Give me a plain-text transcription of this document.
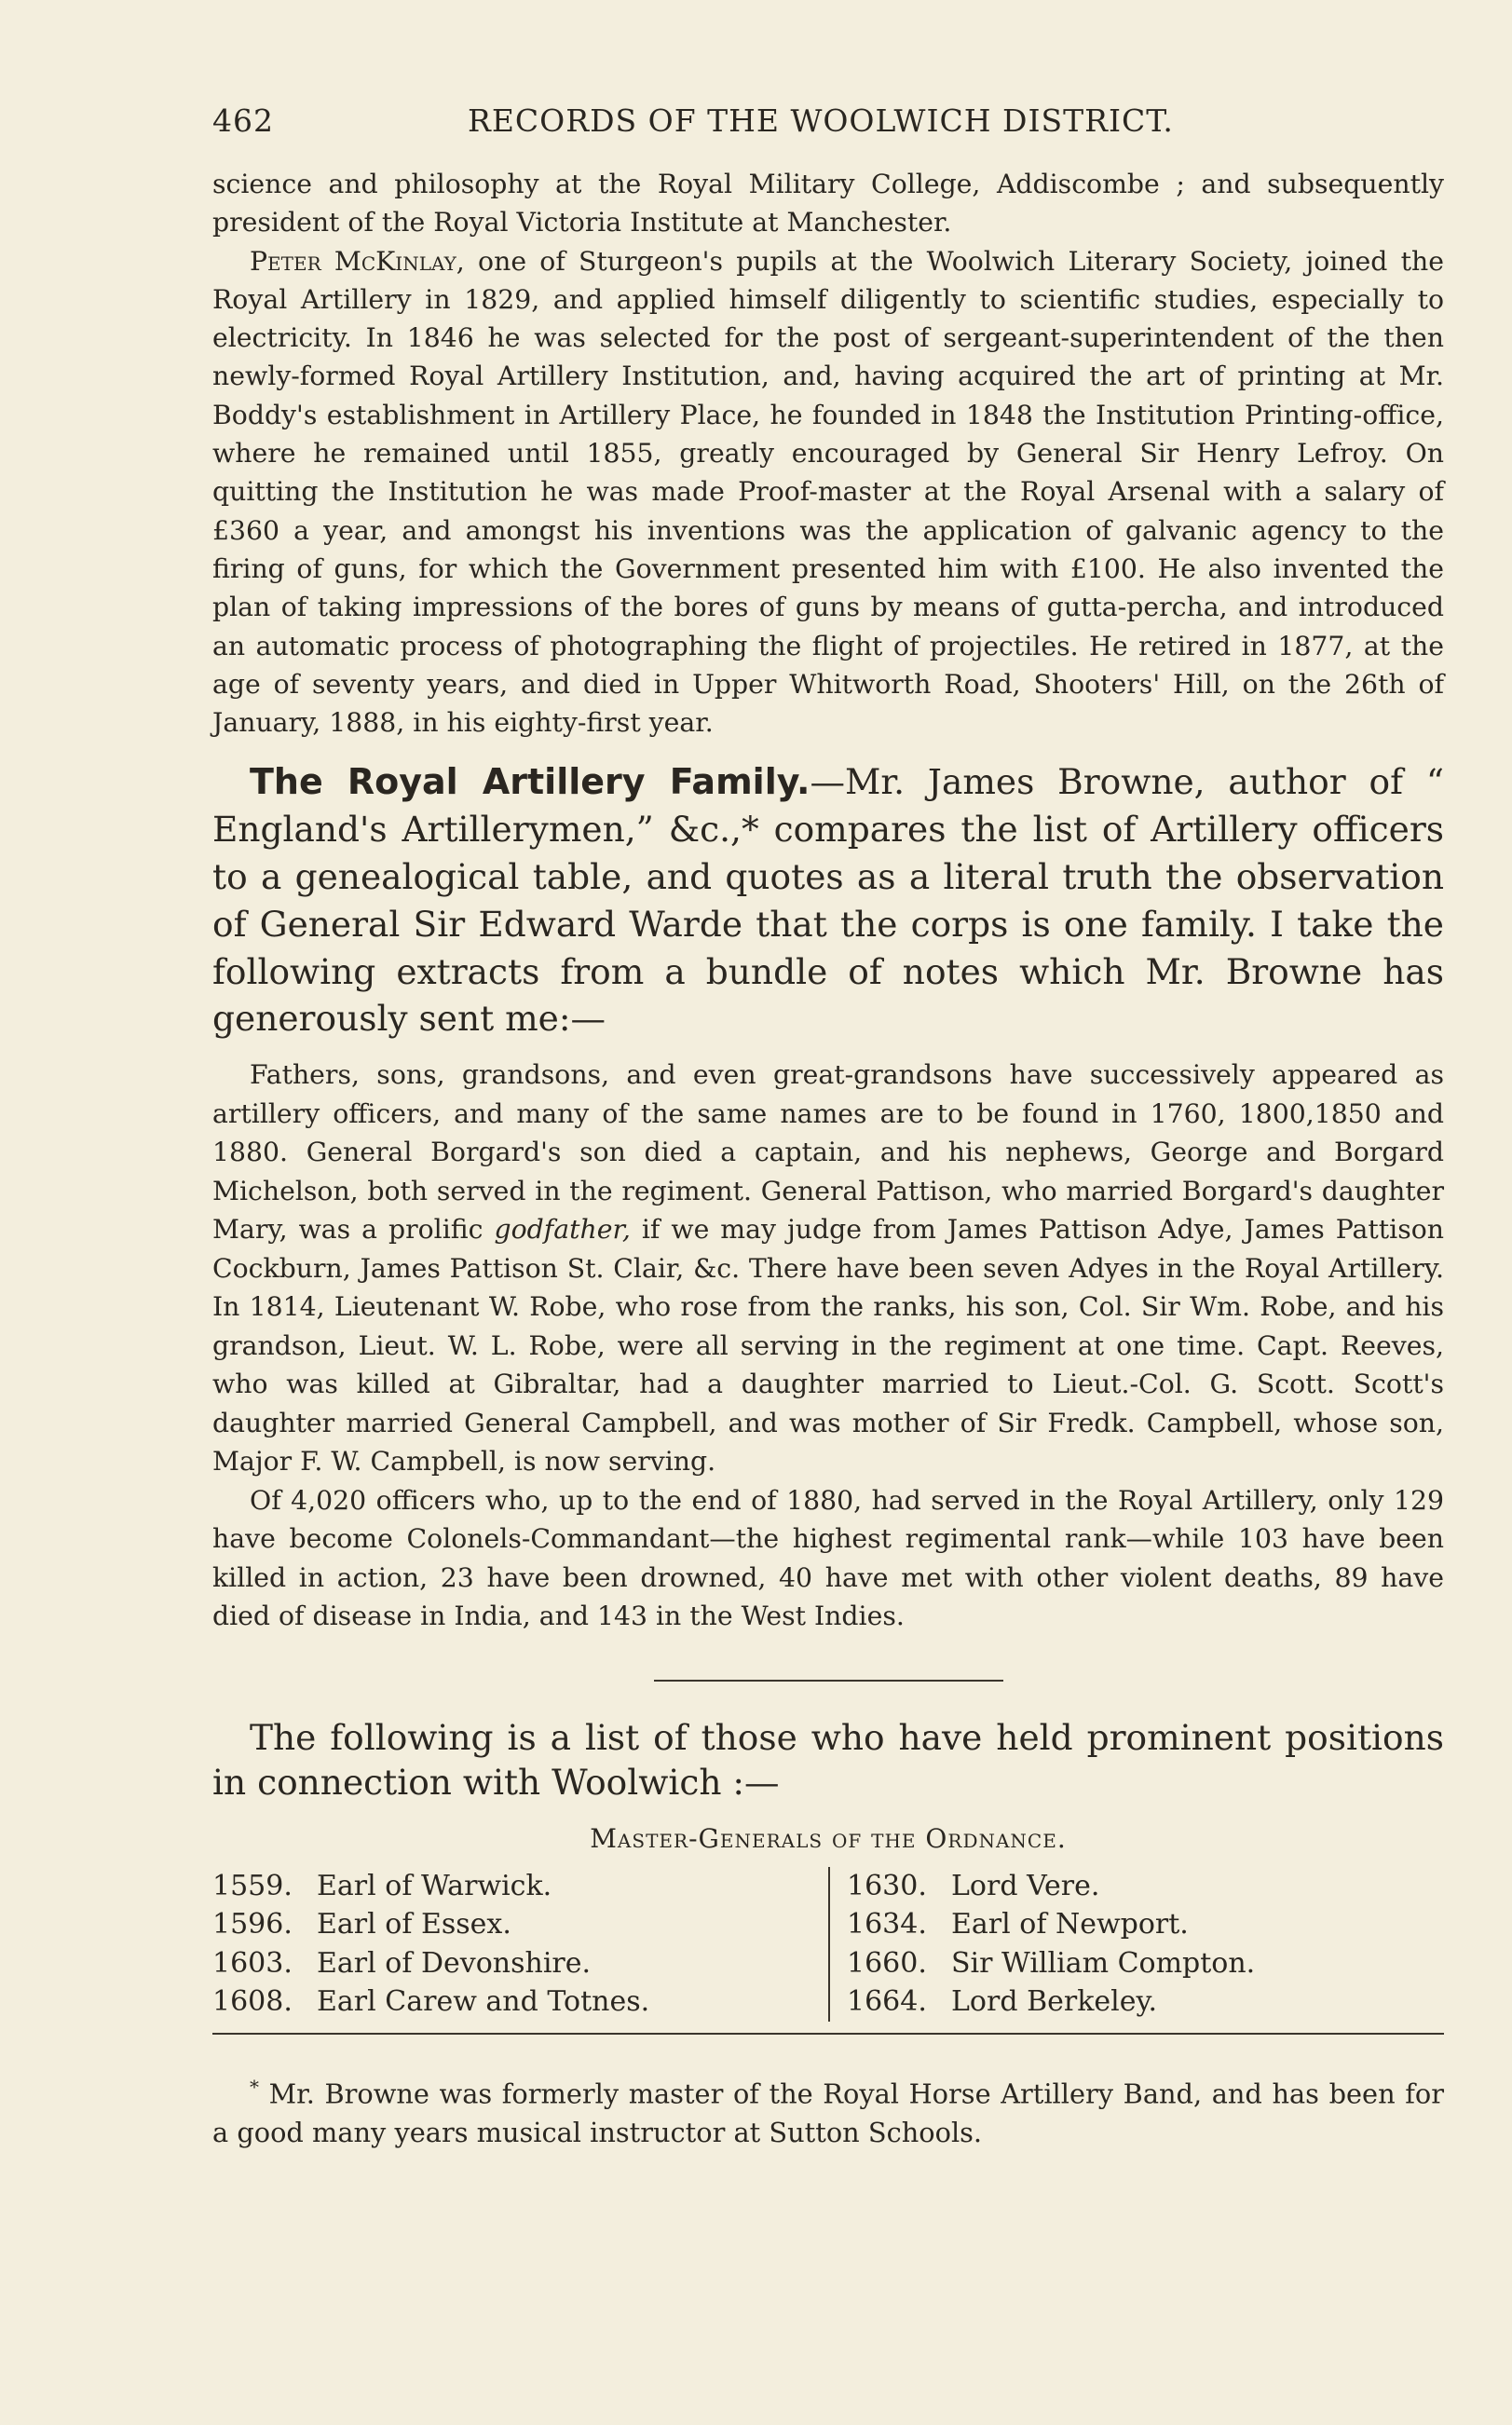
462	RECORDS OF THE WOOLWICH DISTRICT.

science and philosophy at the Royal Military College, Addiscombe ; and subsequently president of the Royal Victoria Institute at Manchester.

Peter McKinlay, one of Sturgeon's pupils at the Woolwich Literary Society, joined the Royal Artillery in 1829, and applied himself diligently to scientific studies, especially to electricity. In 1846 he was selected for the post of sergeant-superintendent of the then newly-formed Royal Artillery Institution, and, having acquired the art of printing at Mr. Boddy's establishment in Artillery Place, he founded in 1848 the Institution Printing-office, where he remained until 1855, greatly encouraged by General Sir Henry Lefroy. On quitting the Institution he was made Proof-master at the Royal Arsenal with a salary of £360 a year, and amongst his inventions was the application of galvanic agency to the firing of guns, for which the Government presented him with £100. He also invented the plan of taking impressions of the bores of guns by means of gutta-percha, and introduced an automatic process of photographing the flight of projectiles. He retired in 1877, at the age of seventy years, and died in Upper Whitworth Road, Shooters' Hill, on the 26th of January, 1888, in his eighty-first year.

The Royal Artillery Family.—Mr. James Browne, author of “ England's Artillerymen,” &c.,* compares the list of Artillery officers to a genealogical table, and quotes as a literal truth the observation of General Sir Edward Warde that the corps is one family. I take the following extracts from a bundle of notes which Mr. Browne has generously sent me:—

Fathers, sons, grandsons, and even great-grandsons have successively appeared as artillery officers, and many of the same names are to be found in 1760, 1800,1850 and 1880. General Borgard's son died a captain, and his nephews, George and Borgard Michelson, both served in the regiment. General Pattison, who married Borgard's daughter Mary, was a prolific godfather, if we may judge from James Pattison Adye, James Pattison Cockburn, James Pattison St. Clair, &c. There have been seven Adyes in the Royal Artillery. In 1814, Lieutenant W. Robe, who rose from the ranks, his son, Col. Sir Wm. Robe, and his grandson, Lieut. W. L. Robe, were all serving in the regiment at one time. Capt. Reeves, who was killed at Gibraltar, had a daughter married to Lieut.-Col. G. Scott. Scott's daughter married General Campbell, and was mother of Sir Fredk. Campbell, whose son, Major F. W. Campbell, is now serving.

Of 4,020 officers who, up to the end of 1880, had served in the Royal Artillery, only 129 have become Colonels-Commandant—the highest regimental rank—while 103 have been killed in action, 23 have been drowned, 40 have met with other violent deaths, 89 have died of disease in India, and 143 in the West Indies.

The following is a list of those who have held prominent positions in connection with Woolwich :—

Master-Generals of the Ordnance.
1559. Earl of Warwick.
1596. Earl of Essex.
1603. Earl of Devonshire.
1608. Earl Carew and Totnes.
1630. Lord Vere.
1634. Earl of Newport.
1660. Sir William Compton.
1664. Lord Berkeley.

* Mr. Browne was formerly master of the Royal Horse Artillery Band, and has been for a good many years musical instructor at Sutton Schools.
